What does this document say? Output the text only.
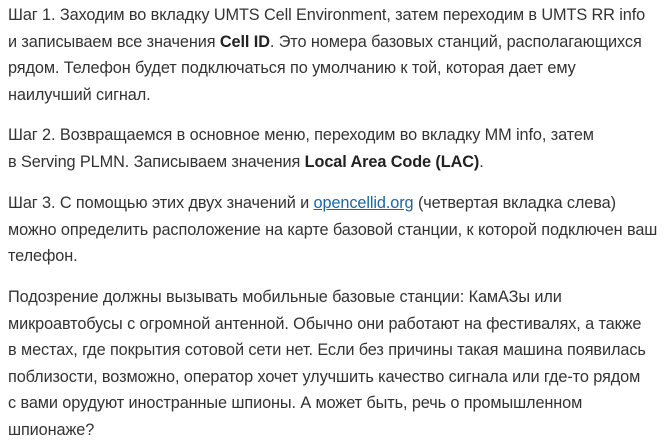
Шаг 1. Заходим во вкладку UMTS Cell Environment, затем переходим в UMTS RR info
и записываем все значения Cell ID. Это номера базовых станций, располагающихся
рядом. Телефон будет подключаться по умолчанию к той, которая дает ему
наилучший сигнал.

Шаг 2. Возвращаемся в основное меню, переходим во вкладку MM info, затем
в Serving PLMN. Записываем значения Local Area Code (LAC).

Шаг 3. С помощью этих двух значений и opencellid.org (четвертая вкладка слева)
можно определить расположение на карте базовой станции, к которой подключен ваш
телефон.

Подозрение должны вызывать мобильные базовые станции: КамАЗы или
микроавтобусы с огромной антенной. Обычно они работают на фестивалях, а также
в местах, где покрытия сотовой сети нет. Если без причины такая машина появилась
поблизости, возможно, оператор хочет улучшить качество сигнала или где-то рядом
с вами орудуют иностранные шпионы. А может быть, речь о промышленном
шпионаже?
